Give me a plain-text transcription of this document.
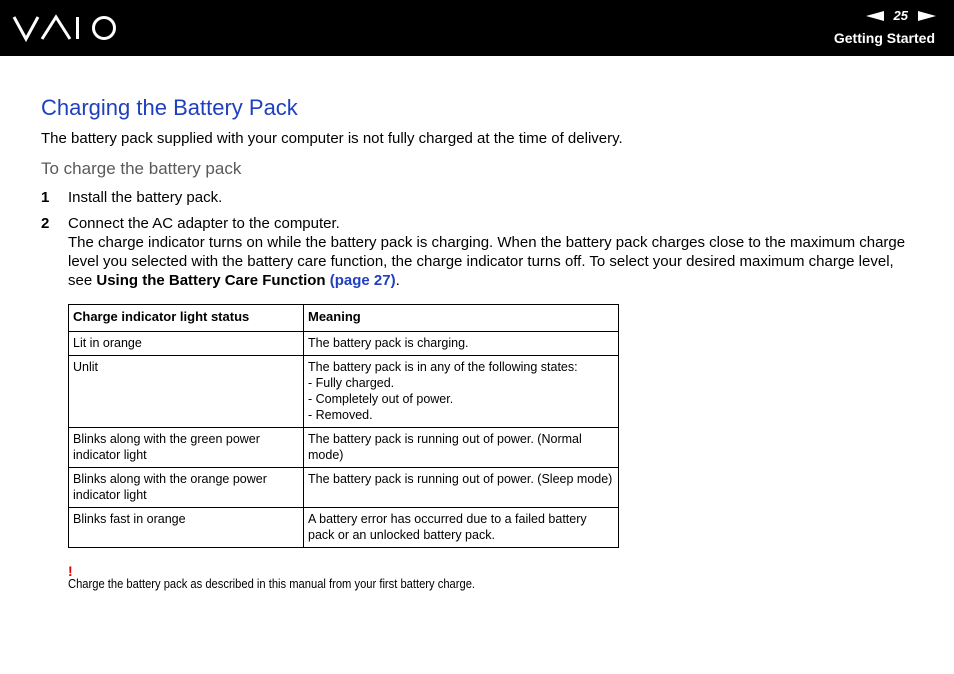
25
Getting Started
Charging the Battery Pack

The battery pack supplied with your computer is not fully charged at the time of delivery.

To charge the battery pack
1 Install the battery pack.
2 Connect the AC adapter to the computer.
The charge indicator turns on while the battery pack is charging. When the battery pack charges close to the maximum charge level you selected with the battery care function, the charge indicator turns off. To select your desired maximum charge level, see Using the Battery Care Function (page 27).
Charge indicator light status	Meaning
Lit in orange	The battery pack is charging.

Unlit	The battery pack is in any of the following states:
- Fully charged.
- Completely out of power.
- Removed.

Blinks along with the green power indicator light	The battery pack is running out of power. (Normal mode)

Blinks along with the orange power indicator light	The battery pack is running out of power. (Sleep mode)

Blinks fast in orange	A battery error has occurred due to a failed battery pack or an unlocked battery pack.
!
Charge the battery pack as described in this manual from your first battery charge.
